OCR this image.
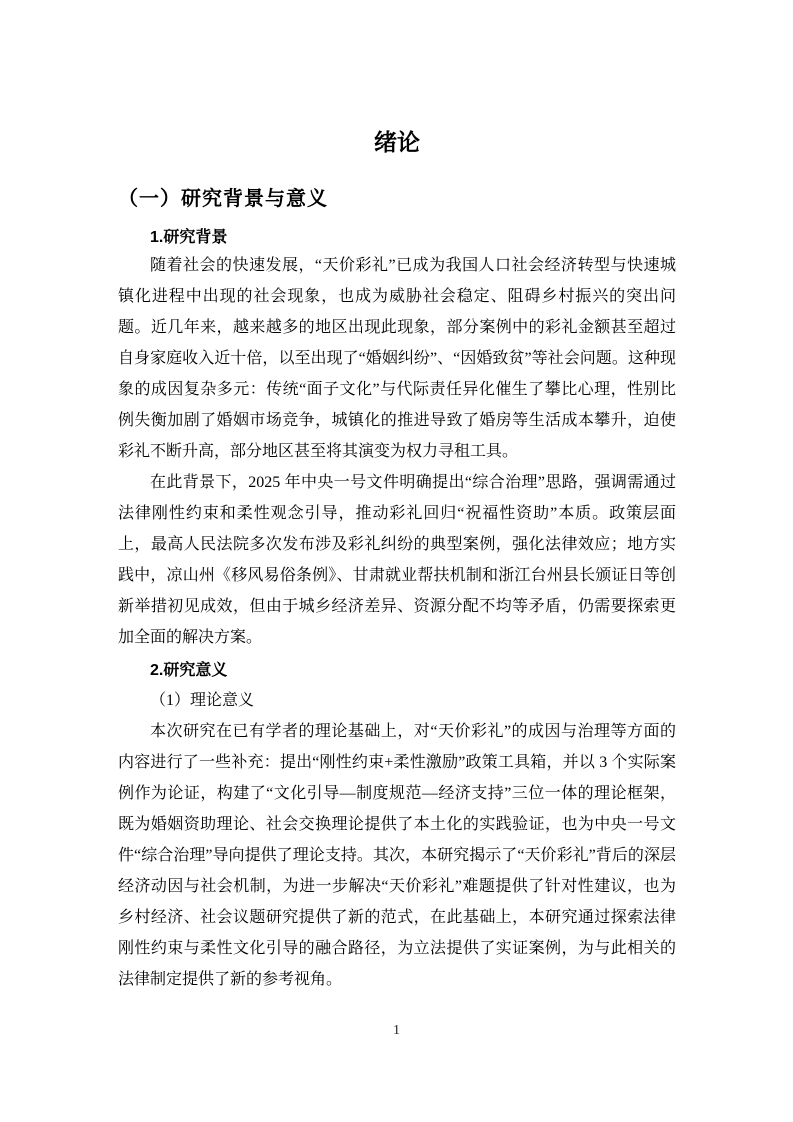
绪论
（一）研究背景与意义
1.研究背景

随着社会的快速发展，“天价彩礼”已成为我国人口社会经济转型与快速城镇化进程中出现的社会现象，也成为威胁社会稳定、阻碍乡村振兴的突出问题。近几年来，越来越多的地区出现此现象，部分案例中的彩礼金额甚至超过自身家庭收入近十倍，以至出现了“婚姻纠纷”、“因婚致贫”等社会问题。这种现象的成因复杂多元：传统“面子文化”与代际责任异化催生了攀比心理，性别比例失衡加剧了婚姻市场竞争，城镇化的推进导致了婚房等生活成本攀升，迫使彩礼不断升高，部分地区甚至将其演变为权力寻租工具。

在此背景下，2025 年中央一号文件明确提出“综合治理”思路，强调需通过法律刚性约束和柔性观念引导，推动彩礼回归“祝福性资助”本质。政策层面上，最高人民法院多次发布涉及彩礼纠纷的典型案例，强化法律效应；地方实践中，凉山州《移风易俗条例》、甘肃就业帮扶机制和浙江台州县长颁证日等创新举措初见成效，但由于城乡经济差异、资源分配不均等矛盾，仍需要探索更加全面的解决方案。

2.研究意义
（1）理论意义

本次研究在已有学者的理论基础上，对“天价彩礼”的成因与治理等方面的内容进行了一些补充：提出“刚性约束+柔性激励”政策工具箱，并以 3 个实际案例作为论证，构建了“文化引导—制度规范—经济支持”三位一体的理论框架，既为婚姻资助理论、社会交换理论提供了本土化的实践验证，也为中央一号文件“综合治理”导向提供了理论支持。其次，本研究揭示了“天价彩礼”背后的深层经济动因与社会机制，为进一步解决“天价彩礼”难题提供了针对性建议，也为乡村经济、社会议题研究提供了新的范式，在此基础上，本研究通过探索法律刚性约束与柔性文化引导的融合路径，为立法提供了实证案例，为与此相关的法律制定提供了新的参考视角。

1
